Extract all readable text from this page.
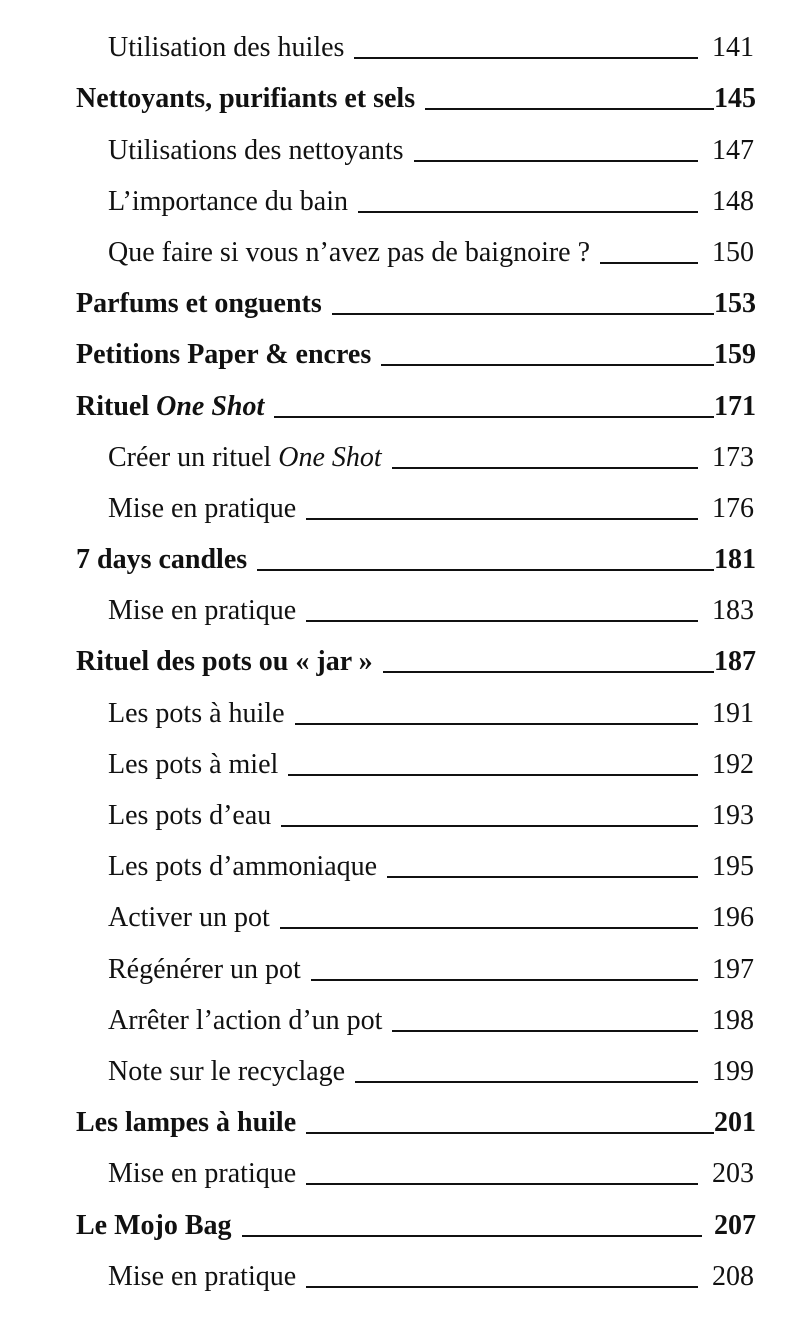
Utilisation des huiles	141
Nettoyants, purifiants et sels	145
Utilisations des nettoyants	147
L’importance du bain	148
Que faire si vous n’avez pas de baignoire ?	150
Parfums et onguents	153
Petitions Paper & encres	159
Rituel One Shot	171
Créer un rituel One Shot	173
Mise en pratique	176
7 days candles	181
Mise en pratique	183
Rituel des pots ou « jar »	187
Les pots à huile	191
Les pots à miel	192
Les pots d’eau	193
Les pots d’ammoniaque	195
Activer un pot	196
Régénérer un pot	197
Arrêter l’action d’un pot	198
Note sur le recyclage	199
Les lampes à huile	201
Mise en pratique	203
Le Mojo Bag	207
Mise en pratique	208
